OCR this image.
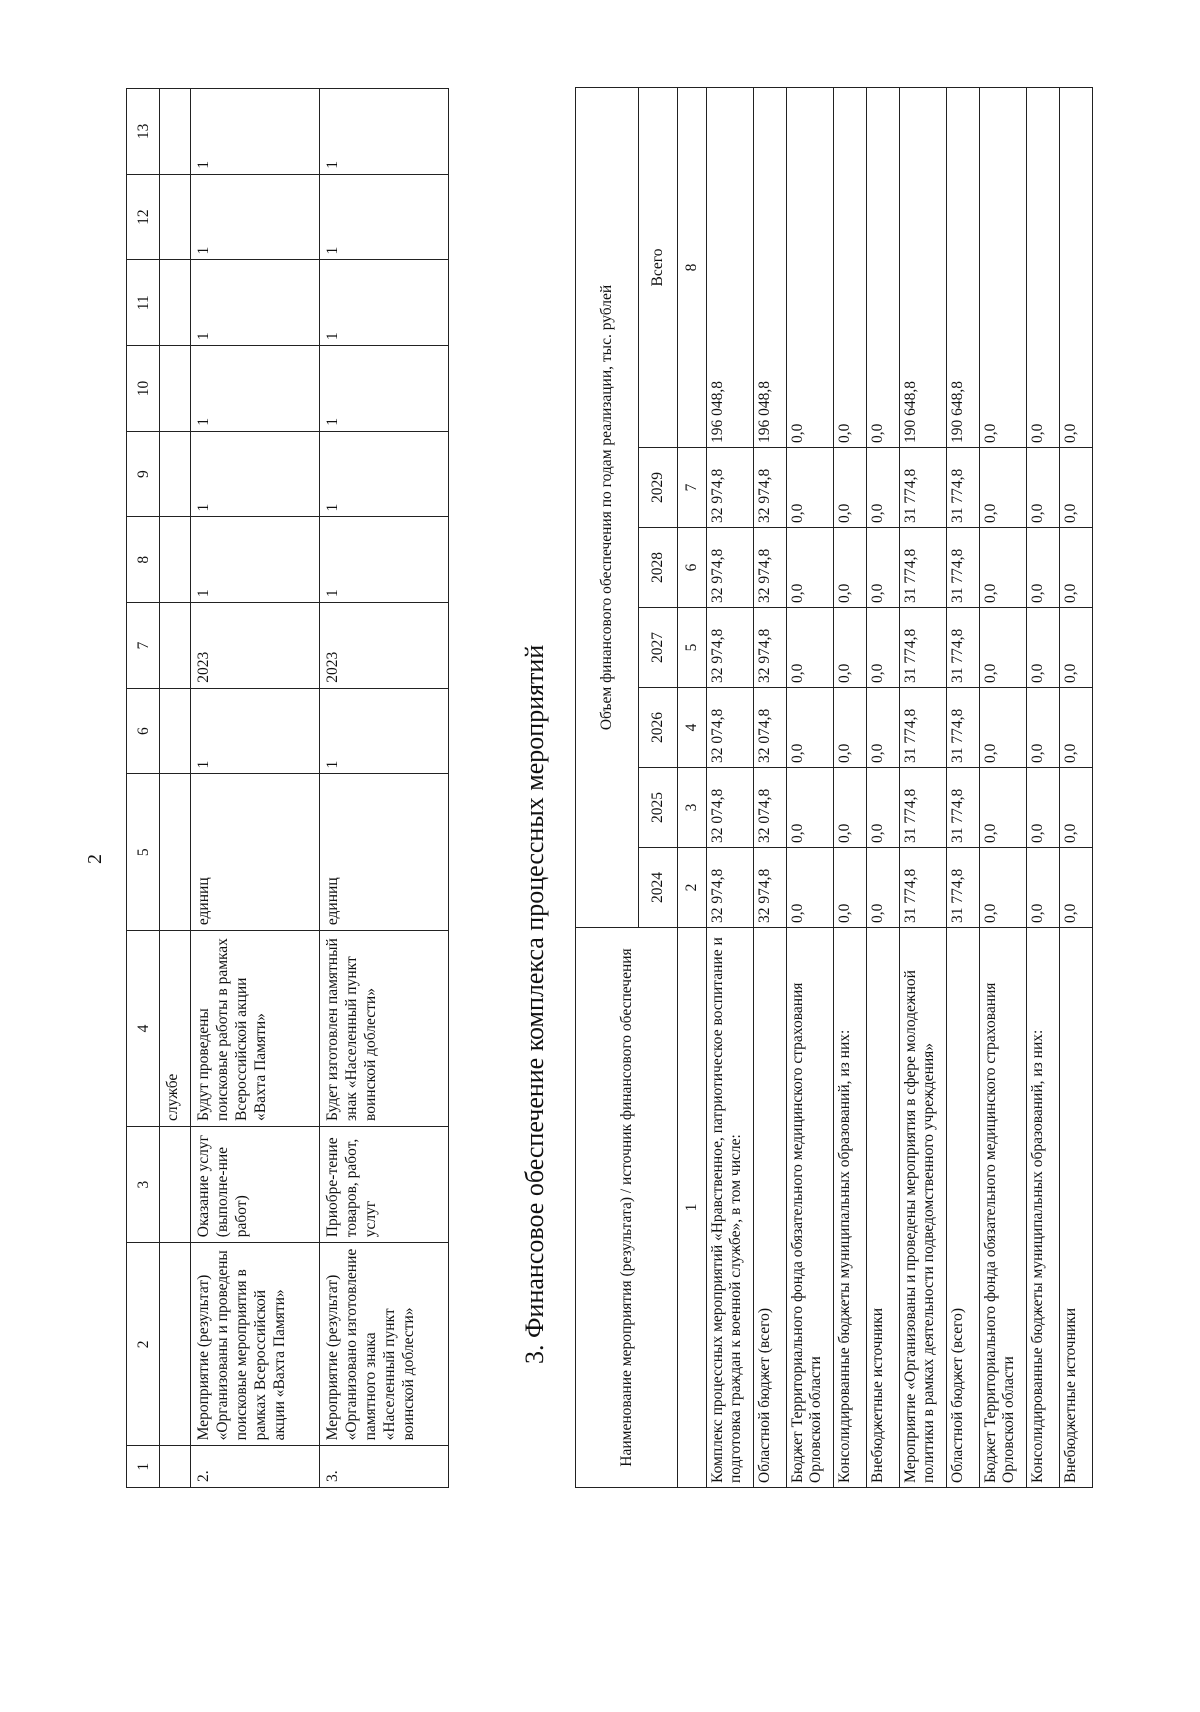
2
1	2	3	4	5	6	7	8	9	10	11	12	13
			службе									
2.	Мероприятие (результат) «Организованы и проведены поисковые мероприятия в рамках Всероссийской акции «Вахта Памяти»	Оказание услуг (выполне-ние работ)	Будут проведены поисковые работы в рамках Всероссийской акции «Вахта Памяти»	единиц	1	2023	1	1	1	1	1	1
3.	Мероприятие (результат) «Организовано изготовление памятного знака «Населенный пункт воинской доблести»	Приобре-тение товаров, работ, услуг	Будет изготовлен памятный знак «Населенный пункт воинской доблести»	единиц	1	2023	1	1	1	1	1	1
3. Финансовое обеспечение комплекса процессных мероприятий	Наименование мероприятия (результата) / источник финансового обеспечения	Объем финансового обеспечения по годам реализации, тыс. рублей						
	2024	2025	2026	2027	2028	2029	Всего
1	2	3	4	5	6	7	8
Комплекс процессных мероприятий «Нравственное, патриотическое воспитание и подготовка граждан к военной службе», в том числе:	32 974,8	32 074,8	32 074,8	32 974,8	32 974,8	32 974,8	196 048,8
Областной бюджет (всего)	32 974,8	32 074,8	32 074,8	32 974,8	32 974,8	32 974,8	196 048,8
Бюджет Территориального фонда обязательного медицинского страхования Орловской области	0,0	0,0	0,0	0,0	0,0	0,0	0,0
Консолидированные бюджеты муниципальных образований, из них:	0,0	0,0	0,0	0,0	0,0	0,0	0,0
Внебюджетные источники	0,0	0,0	0,0	0,0	0,0	0,0	0,0
Мероприятие «Организованы и проведены мероприятия в сфере молодежной политики в рамках деятельности подведомственного учреждения»	31 774,8	31 774,8	31 774,8	31 774,8	31 774,8	31 774,8	190 648,8
Областной бюджет (всего)	31 774,8	31 774,8	31 774,8	31 774,8	31 774,8	31 774,8	190 648,8
Бюджет Территориального фонда обязательного медицинского страхования Орловской области	0,0	0,0	0,0	0,0	0,0	0,0	0,0
Консолидированные бюджеты муниципальных образований, из них:	0,0	0,0	0,0	0,0	0,0	0,0	0,0
Внебюджетные источники	0,0	0,0	0,0	0,0	0,0	0,0	0,0
